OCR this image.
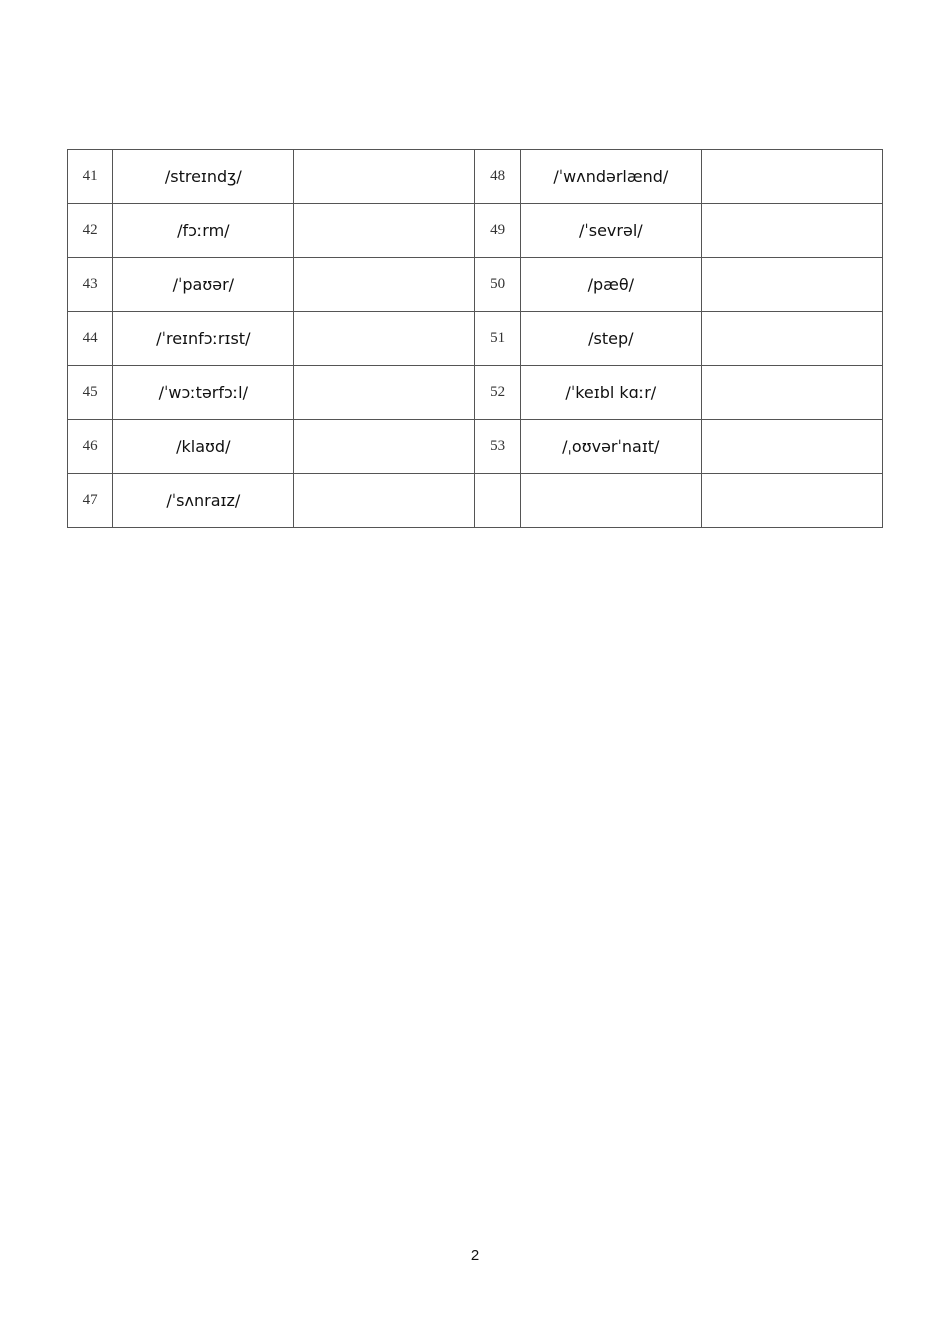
41	/streɪndʒ/		48	/ˈwʌndərlænd/	
42	/fɔːrm/		49	/ˈsevrəl/	
43	/ˈpaʊər/		50	/pæθ/	
44	/ˈreɪnfɔːrɪst/		51	/step/	
45	/ˈwɔːtərfɔːl/		52	/ˈkeɪbl kɑːr/	
46	/klaʊd/		53	/ˌoʊvərˈnaɪt/	
47	/ˈsʌnraɪz/				
2
